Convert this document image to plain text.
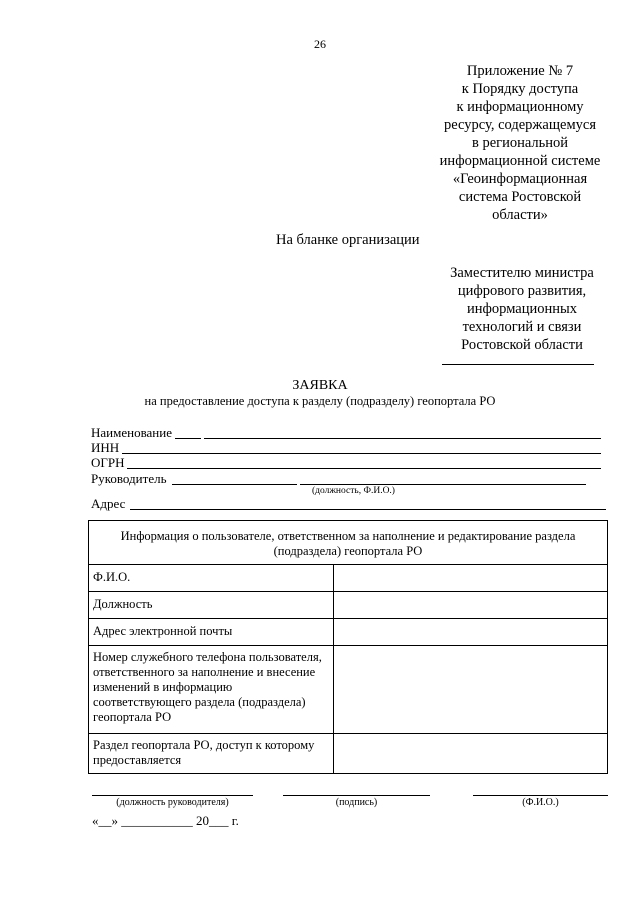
26
Приложение № 7
к Порядку доступа
к информационному
ресурсу, содержащемуся
в региональной
информационной системе
«Геоинформационная
система Ростовской
области»
На бланке организации
Заместителю министра
цифрового развития,
информационных
технологий и связи
Ростовской области
ЗАЯВКА
на предоставление доступа к разделу (подразделу) геопортала РО
Наименование
ИНН
ОГРН
Руководитель
(должность, Ф.И.О.)
Адрес
Информация о пользователе, ответственном за наполнение и редактирование раздела (подраздела) геопортала РО	
Ф.И.О.	
Должность	
Адрес электронной почты	
Номер служебного телефона пользователя, ответственного за наполнение и внесение изменений в информацию соответствующего раздела (подраздела) геопортала РО	
Раздел геопортала РО, доступ к которому предоставляется	
(должность руководителя)	(подпись)	(Ф.И.О.)
«__» ___________ 20___ г.
